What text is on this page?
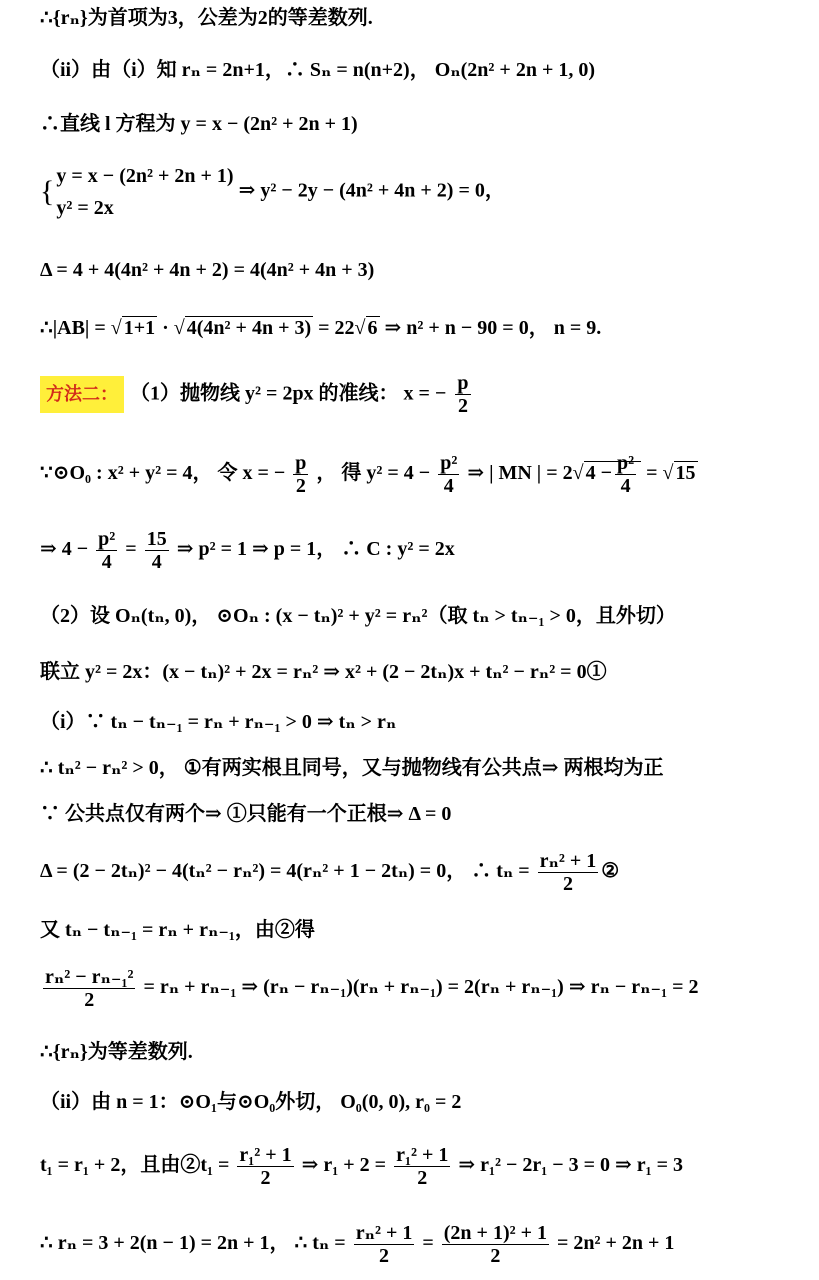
∴{rₙ}为首项为3，公差为2的等差数列.
（ii）由（i）知 rₙ = 2n+1，∴ Sₙ = n(n+2)， Oₙ(2n² + 2n + 1, 0)
∴直线 l 方程为 y = x − (2n² + 2n + 1)
{ y = x − (2n² + 2n + 1)
y² = 2x
⇒ y² − 2y − (4n² + 4n + 2) = 0，
Δ = 4 + 4(4n² + 4n + 2) = 4(4n² + 4n + 3)
∴|AB| = √ 1+1 · √ 4(4n² + 4n + 3) = 22√ 6 ⇒ n² + n − 90 = 0， n = 9.
方法二： （1）抛物线 y² = 2px 的准线： x = − $\frac{p}{2}$
∵⊙O₀ : x² + y² = 4， 令 x = − $\frac{p}{2}$ ， 得 $y^2 = 4 - \frac{\text{p²}}{4}$ ⇒ | MN | = 2√ $4 - \frac{\text{p²}}{4}$ = √ 15
⇒ $4 - \frac{\text{p²}}{4} = \frac{15}{4}$ ⇒ p² = 1 ⇒ p = 1， ∴ C : y² = 2x
（2）设 Oₙ(tₙ, 0)， ⊙Oₙ : (x − tₙ)² + y² = rₙ²（取 tₙ > tₙ₋₁ > 0，且外切）
联立 y² = 2x：(x − tₙ)² + 2x = rₙ² ⇒ x² + (2 − 2tₙ)x + tₙ² − rₙ² = 0①
（i）∵ tₙ − tₙ₋₁ = rₙ + rₙ₋₁ > 0 ⇒ tₙ > rₙ
∴ tₙ² − rₙ² > 0， ①有两实根且同号，又与抛物线有公共点⇒ 两根均为正
∵ 公共点仅有两个⇒ ①只能有一个正根⇒ Δ = 0
Δ = (2 − 2tₙ)² − 4(tₙ² − rₙ²) = 4(rₙ² + 1 − 2tₙ) = 0， ∴ $t_n = \frac{\text{rₙ² + 1}}{2}$ ②
又 tₙ − tₙ₋₁ = rₙ + rₙ₋₁，由②得
$\frac{\text{rₙ² − rₙ₋₁²}}{2} = r_n + r_{n-1}$ ⇒ (rₙ − rₙ₋₁)(rₙ + rₙ₋₁) = 2(rₙ + rₙ₋₁) ⇒ rₙ − rₙ₋₁ = 2
∴{rₙ}为等差数列.
（ii）由 n = 1：⊙O₁与⊙O₀外切， O₀(0, 0), r₀ = 2
t₁ = r₁ + 2，且由②t₁ = $\frac{\text{r₁² + 1}}{2}$ ⇒ $r_1 + 2 = \frac{\text{r₁² + 1}}{2}$ ⇒ r₁² − 2r₁ − 3 = 0 ⇒ r₁ = 3
∴ rₙ = 3 + 2(n − 1) = 2n + 1， ∴ $t_n = \frac{\text{rₙ² + 1}}{2} = \frac{\text{(2n + 1)² + 1}}{2} = 2n^2 + 2n + 1$
